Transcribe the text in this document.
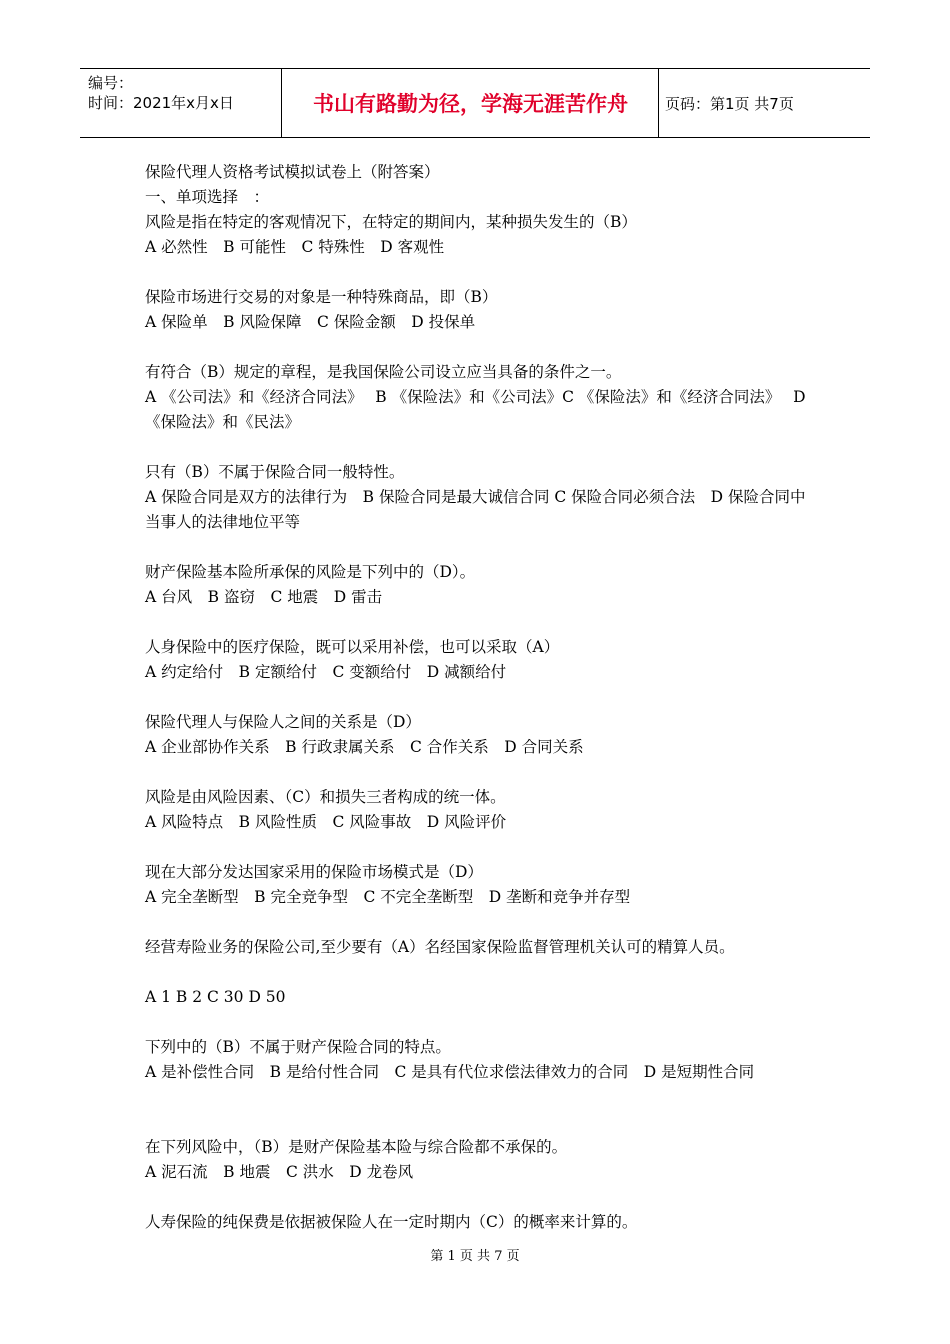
编号：
时间：2021年x月x日	书山有路勤为径，学海无涯苦作舟	页码：第1页 共7页

保险代理人资格考试模拟试卷上（附答案）

一、单项选择　：

风险是指在特定的客观情况下，在特定的期间内，某种损失发生的（B）

A 必然性　B 可能性　C 特殊性　D 客观性

保险市场进行交易的对象是一种特殊商品，即（B）

A 保险单　B 风险保障　C 保险金额　D 投保单

有符合（B）规定的章程，是我国保险公司设立应当具备的条件之一。

A 《公司法》和《经济合同法》　 B 《保险法》和《公司法》C 《保险法》和《经济合同法》　 D 《保险法》和《民法》

只有（B）不属于保险合同一般特性。

A 保险合同是双方的法律行为　B 保险合同是最大诚信合同 C 保险合同必须合法　D 保险合同中当事人的法律地位平等

财产保险基本险所承保的风险是下列中的（D）。

A 台风　B 盗窃　C 地震　D 雷击

人身保险中的医疗保险，既可以采用补偿，也可以采取（A）

A 约定给付　B 定额给付　C 变额给付　D 减额给付

保险代理人与保险人之间的关系是（D）

A 企业部协作关系　B 行政隶属关系　C 合作关系　D 合同关系

风险是由风险因素、（C）和损失三者构成的统一体。

A 风险特点　B 风险性质　C 风险事故　D 风险评价

现在大部分发达国家采用的保险市场模式是（D）

A 完全垄断型　B 完全竞争型　C 不完全垄断型　D 垄断和竞争并存型

经营寿险业务的保险公司,至少要有（A）名经国家保险监督管理机关认可的精算人员。

A 1 B 2 C 30 D 50

下列中的（B）不属于财产保险合同的特点。

A 是补偿性合同　B 是给付性合同　C 是具有代位求偿法律效力的合同　D 是短期性合同

在下列风险中，（B）是财产保险基本险与综合险都不承保的。

A 泥石流　B 地震　C 洪水　D 龙卷风

人寿保险的纯保费是依据被保险人在一定时期内（C）的概率来计算的。

第 1 页 共 7 页
